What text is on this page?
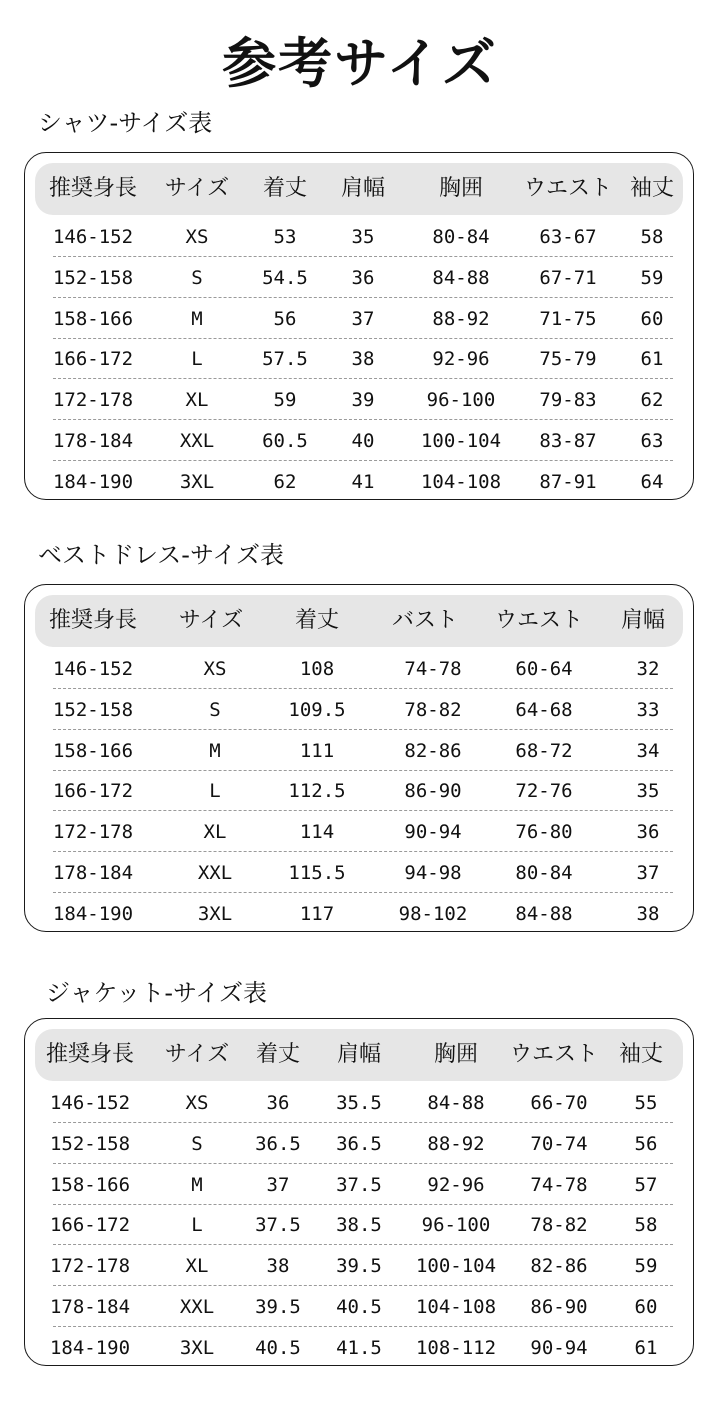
参考サイズ
シャツ-サイズ表
推奨身長 サイズ 着丈 肩幅 胸囲 ウエスト 袖丈
146-152	XS	53	35	80-84	63-67 58
152-158	S	54.5 36	84-88	67-71 59
158-166	M	56	37	88-92	71-75 60
166-172	L	57.5 38	92-96	75-79 61
172-178	XL	59	39	96-100 79-83 62
178-184 XXL	60.5 40 100-104 83-87 63
184-190 3XL	62	41 104-108 87-91 64
ベストドレス-サイズ表
推奨身長 サイズ 着丈 バスト ウエスト 肩幅
146-152	XS	108	74-78	60-64	32
152-158	S	109.5	78-82	64-68	33
158-166	M	111	82-86	68-72	34
166-172	L	112.5	86-90	72-76	35
172-178	XL	114	90-94	76-80	36
178-184	XXL	115.5	94-98	80-84	37
184-190	3XL	117	98-102	84-88	38
ジャケット-サイズ表
推奨身長 サイズ 着丈 肩幅 胸囲 ウエスト 袖丈
146-152	XS	36 35.5 84-88 66-70 55
152-158	S	36.5 36.5 88-92 70-74 56
158-166	M	37 37.5 92-96 74-78 57
166-172	L	37.5 38.5 96-100 78-82 58
172-178	XL	38 39.5 100-104 82-86 59
178-184	XXL 39.5 40.5 104-108 86-90 60
184-190	3XL 40.5 41.5 108-112 90-94 61
